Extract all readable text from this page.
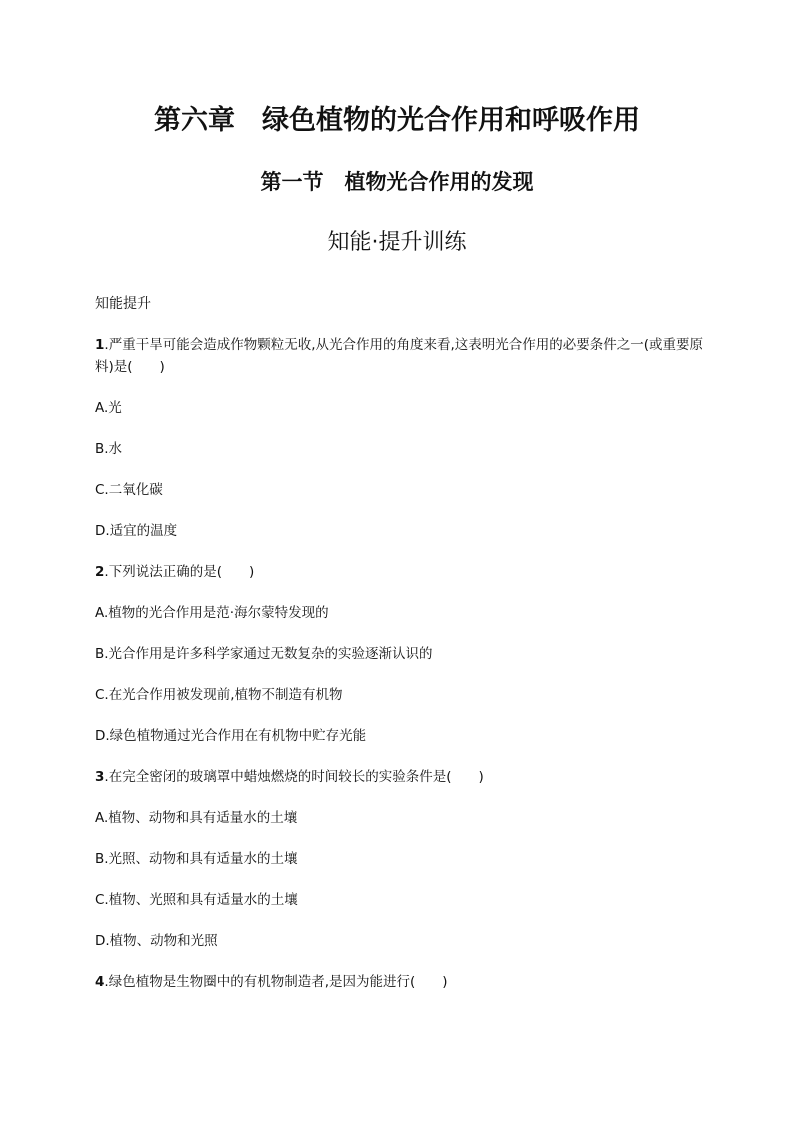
第六章　绿色植物的光合作用和呼吸作用
第一节　植物光合作用的发现
知能·提升训练
知能提升
1.严重干旱可能会造成作物颗粒无收,从光合作用的角度来看,这表明光合作用的必要条件之一(或重要原料)是(　　)
A.光
B.水
C.二氧化碳
D.适宜的温度
2.下列说法正确的是(　　)
A.植物的光合作用是范·海尔蒙特发现的
B.光合作用是许多科学家通过无数复杂的实验逐渐认识的
C.在光合作用被发现前,植物不制造有机物
D.绿色植物通过光合作用在有机物中贮存光能
3.在完全密闭的玻璃罩中蜡烛燃烧的时间较长的实验条件是(　　)
A.植物、动物和具有适量水的土壤
B.光照、动物和具有适量水的土壤
C.植物、光照和具有适量水的土壤
D.植物、动物和光照
4.绿色植物是生物圈中的有机物制造者,是因为能进行(　　)
